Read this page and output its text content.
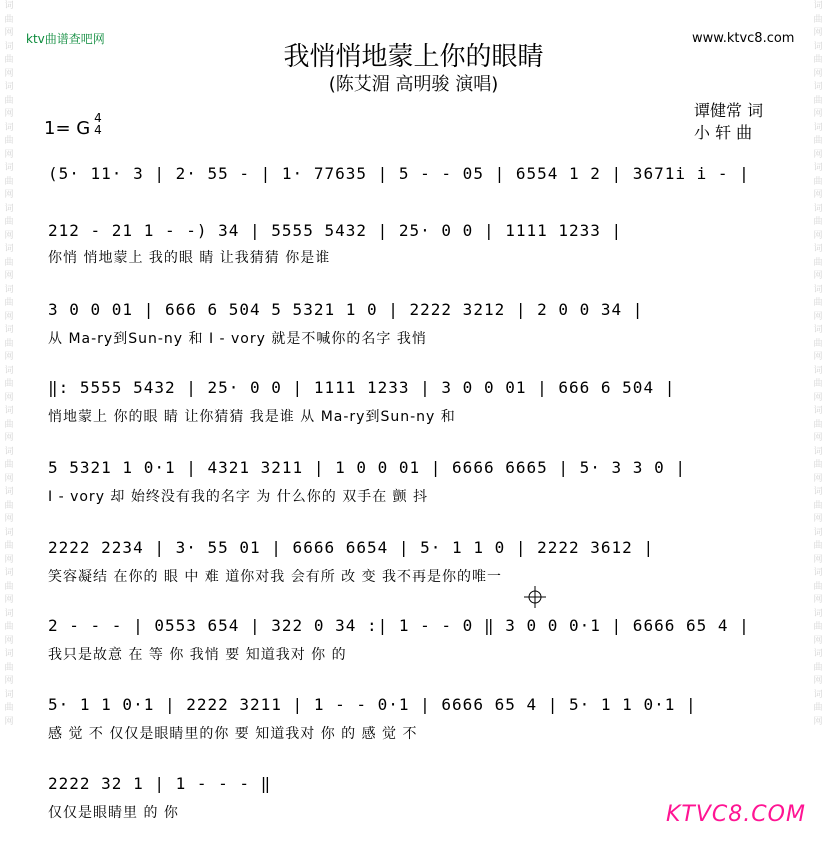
词曲网词曲网词曲网词曲网词曲网词曲网词曲网词曲网词曲网词曲网词曲网词曲网词曲网词曲网词曲网词曲网词曲网词曲网
词曲网词曲网词曲网词曲网词曲网词曲网词曲网词曲网词曲网词曲网词曲网词曲网词曲网词曲网词曲网词曲网词曲网词曲网
ktv曲谱查吧网	www.ktvc8.com
我悄悄地蒙上你的眼睛
(陈艾湄 高明骏 演唱)
谭健常 词
小 轩 曲
1= G 4
4
(5· 11· 3 | 2· 55 - | 1· 77635 | 5 - - 05 | 6554 1 2 | 3671i i - |
212 - 21 1 - -) 34 | 5555 5432 | 25· 0 0 | 1111 1233 |
你悄 悄地蒙上 我的眼 睛 让我猜猜 你是谁
3 0 0 01 | 666 6 504 5 5321 1 0 | 2222 3212 | 2 0 0 34 |
从 Ma-ry到Sun-ny 和 I - vory 就是不喊你的名字 我悄
‖: 5555 5432 | 25· 0 0 | 1111 1233 | 3 0 0 01 | 666 6 504 |
悄地蒙上 你的眼 睛 让你猜猜 我是谁 从 Ma-ry到Sun-ny 和
5 5321 1 0·1 | 4321 3211 | 1 0 0 01 | 6666 6665 | 5· 3 3 0 |
I - vory 却 始终没有我的名字 为 什么你的 双手在 颤 抖
2222 2234 | 3· 55 01 | 6666 6654 | 5· 1 1 0 | 2222 3612 |
笑容凝结 在你的 眼 中 难 道你对我 会有所 改 变 我不再是你的唯一
2 - - - | 0553 654 | 322 0 34 :| 1 - - 0 ‖ 3 0 0 0·1 | 6666 65 4 |
我只是故意 在 等 你 我悄 要 知道我对 你 的
5· 1 1 0·1 | 2222 3211 | 1 - - 0·1 | 6666 65 4 | 5· 1 1 0·1 |
感 觉 不 仅仅是眼睛里的你 要 知道我对 你 的 感 觉 不
2222 32 1 | 1 - - - ‖
仅仅是眼睛里 的 你	KTVC8.COM
